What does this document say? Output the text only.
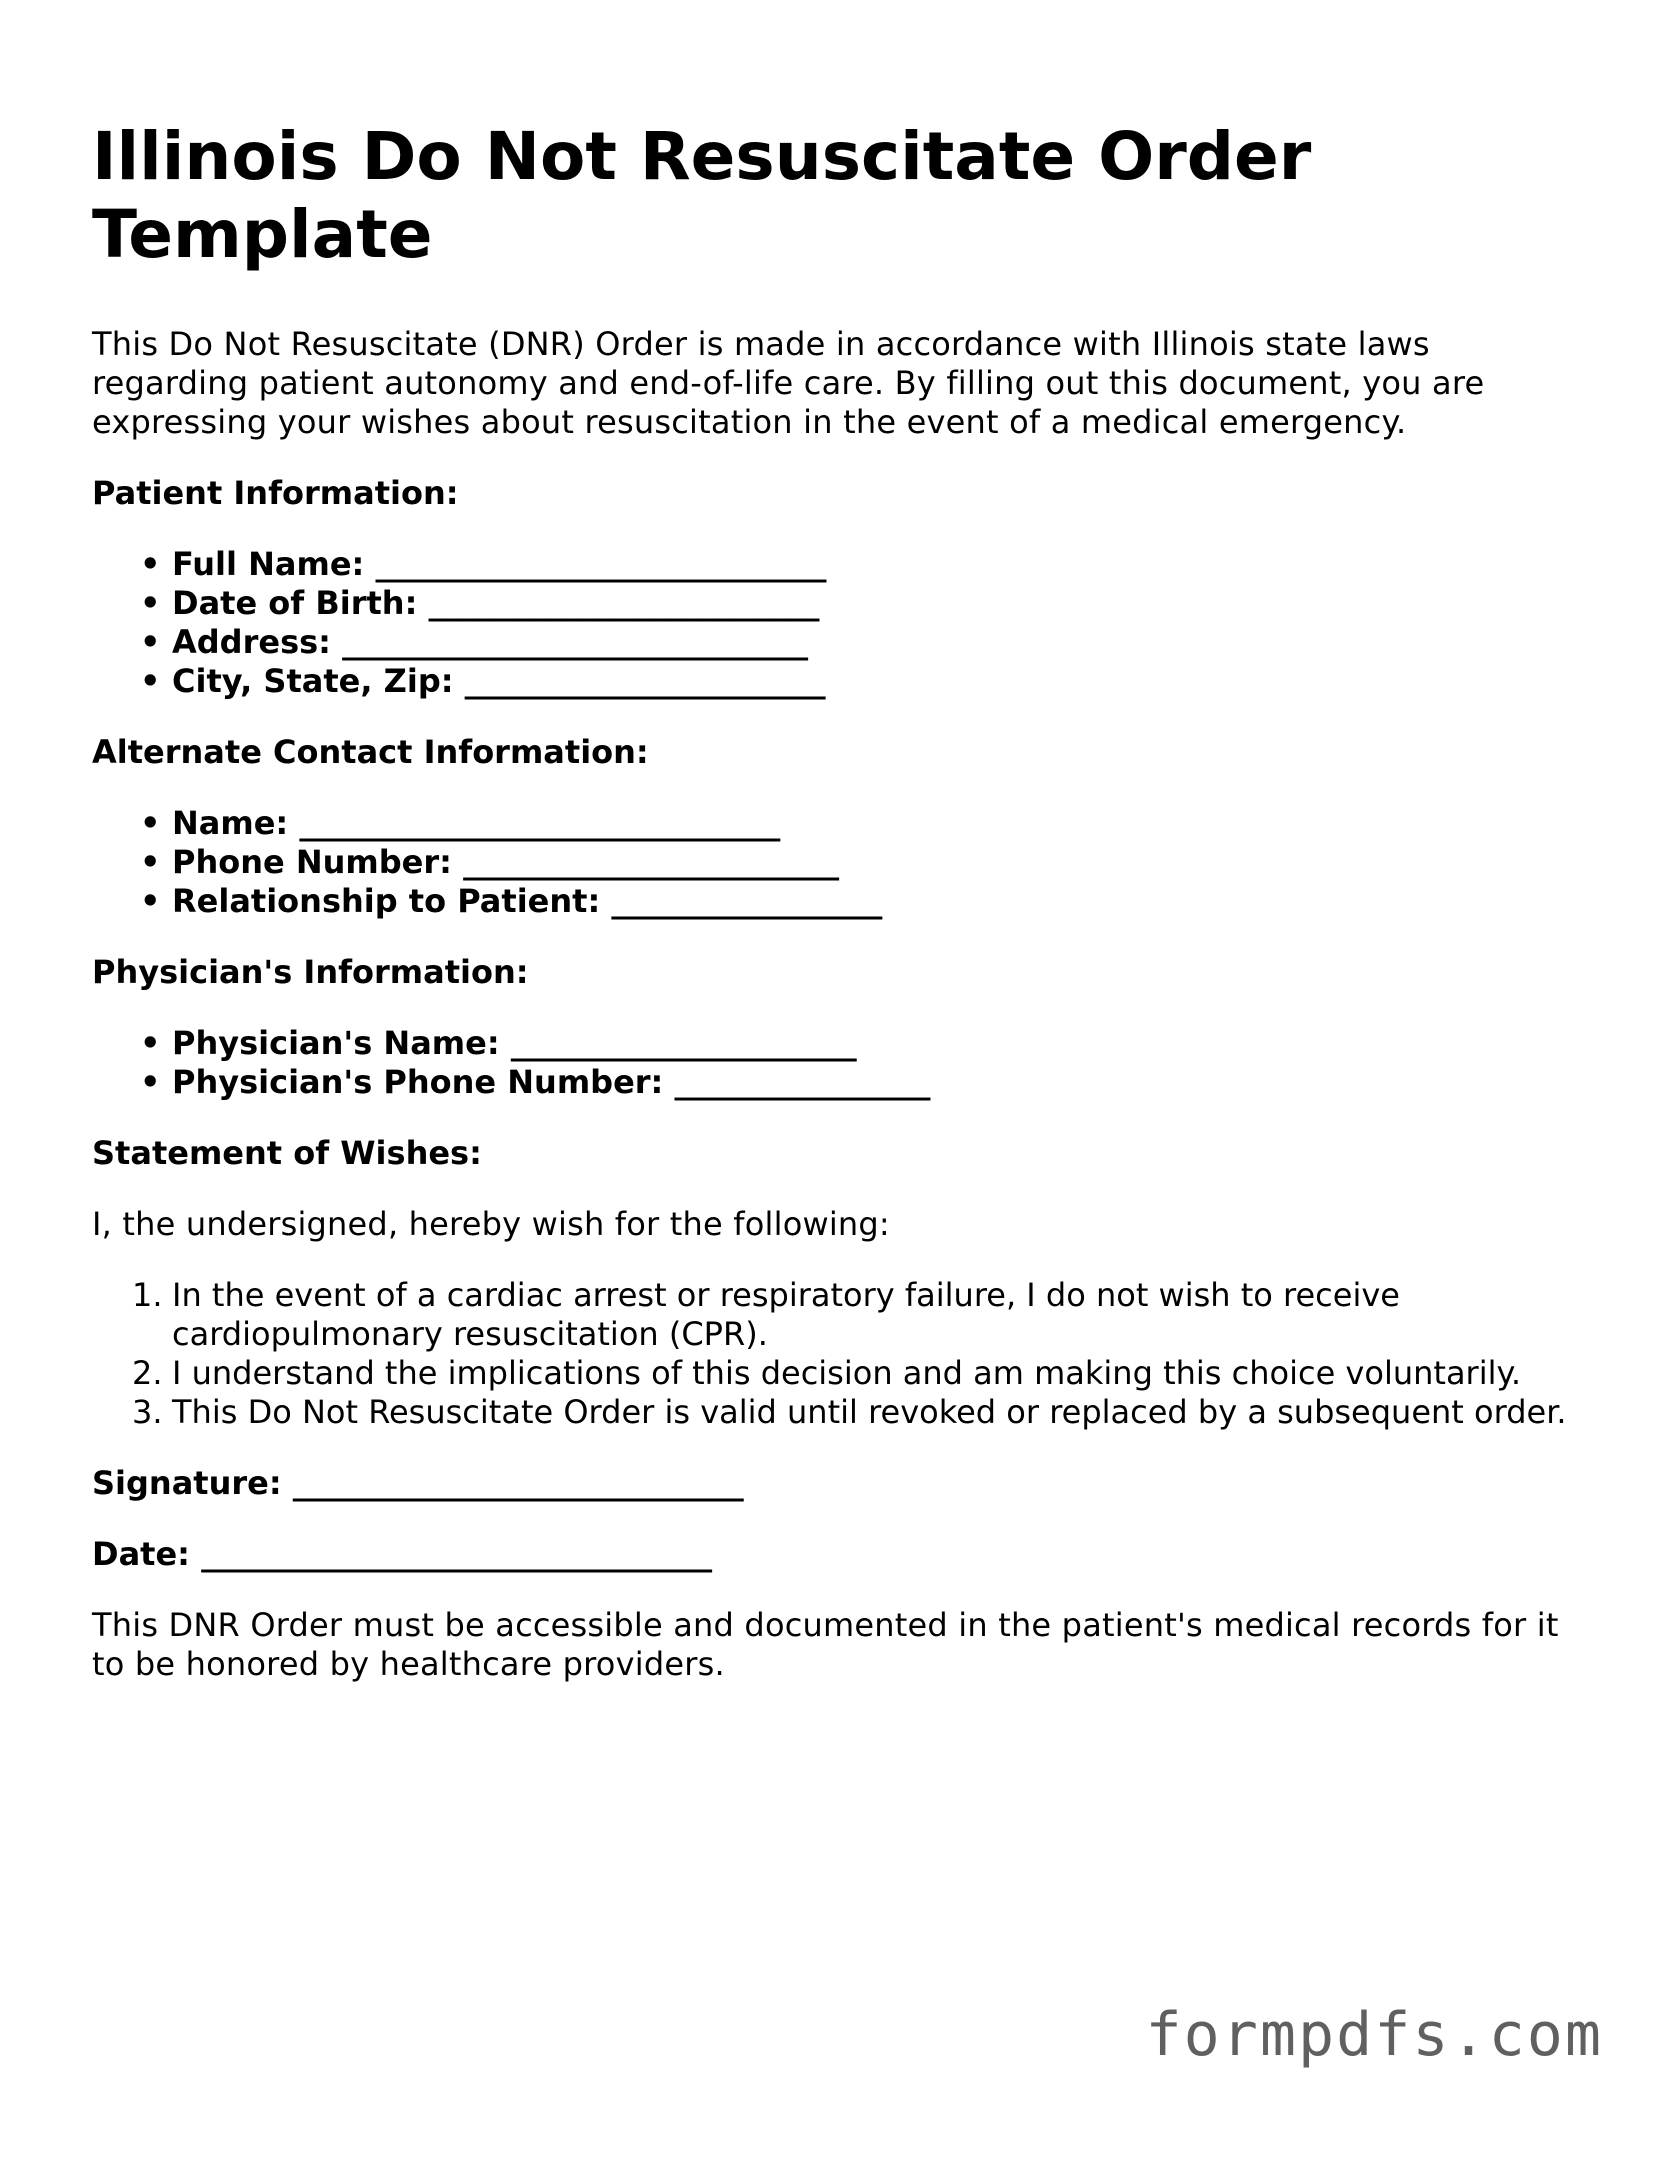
Illinois Do Not Resuscitate Order Template

This Do Not Resuscitate (DNR) Order is made in accordance with Illinois state laws regarding patient autonomy and end-of-life care. By filling out this document, you are expressing your wishes about resuscitation in the event of a medical emergency.

Patient Information:

• Full Name: ______________________________
• Date of Birth: __________________________
• Address: _______________________________
• City, State, Zip: ________________________

Alternate Contact Information:

• Name: ________________________________
• Phone Number: _________________________
• Relationship to Patient: __________________

Physician's Information:

• Physician's Name: _______________________
• Physician's Phone Number: _________________

Statement of Wishes:

I, the undersigned, hereby wish for the following:

1. In the event of a cardiac arrest or respiratory failure, I do not wish to receive cardiopulmonary resuscitation (CPR).
2. I understand the implications of this decision and am making this choice voluntarily.
3. This Do Not Resuscitate Order is valid until revoked or replaced by a subsequent order.

Signature: ______________________________

Date: __________________________________

This DNR Order must be accessible and documented in the patient's medical records for it to be honored by healthcare providers.

formpdfs.com
